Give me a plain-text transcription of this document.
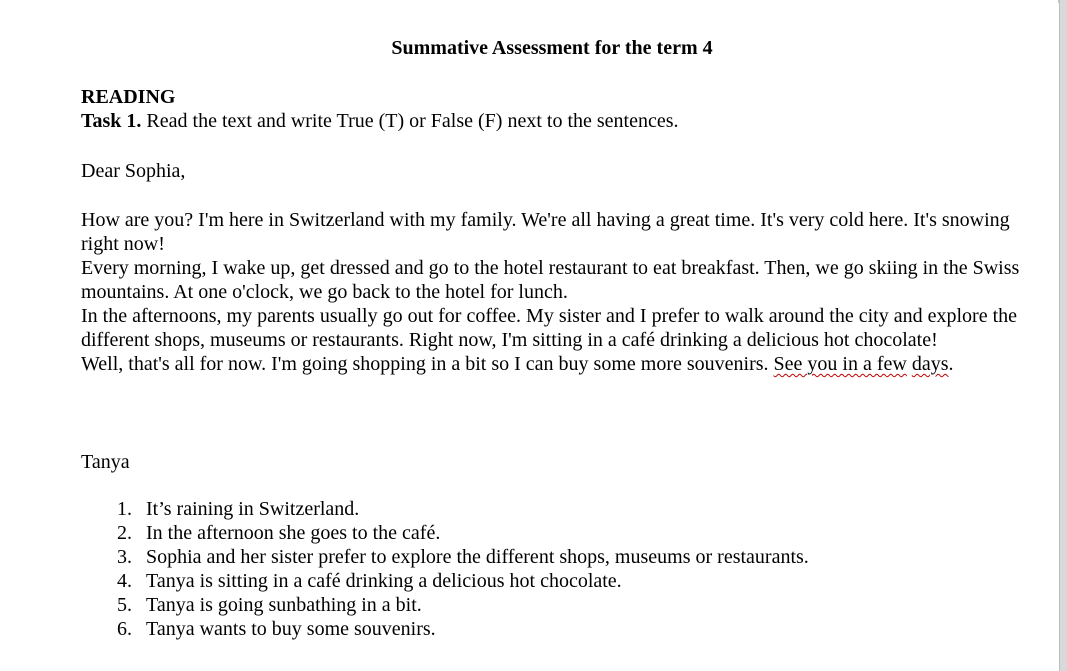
Summative Assessment for the term 4
READING
Task 1. Read the text and write True (T) or False (F) next to the sentences.
Dear Sophia,

How are you? I'm here in Switzerland with my family. We're all having a great time. It's very cold here. It's snowing right now!

Every morning, I wake up, get dressed and go to the hotel restaurant to eat breakfast. Then, we go skiing in the Swiss mountains. At one o'clock, we go back to the hotel for lunch.

In the afternoons, my parents usually go out for coffee. My sister and I prefer to walk around the city and explore the different shops, museums or restaurants. Right now, I'm sitting in a café drinking a delicious hot chocolate!

Well, that's all for now. I'm going shopping in a bit so I can buy some more souvenirs. See you in a few days.

Tanya
1. It’s raining in Switzerland.
2. In the afternoon she goes to the café.
3. Sophia and her sister prefer to explore the different shops, museums or restaurants.
4. Tanya is sitting in a café drinking a delicious hot chocolate.
5. Tanya is going sunbathing in a bit.
6. Tanya wants to buy some souvenirs.
